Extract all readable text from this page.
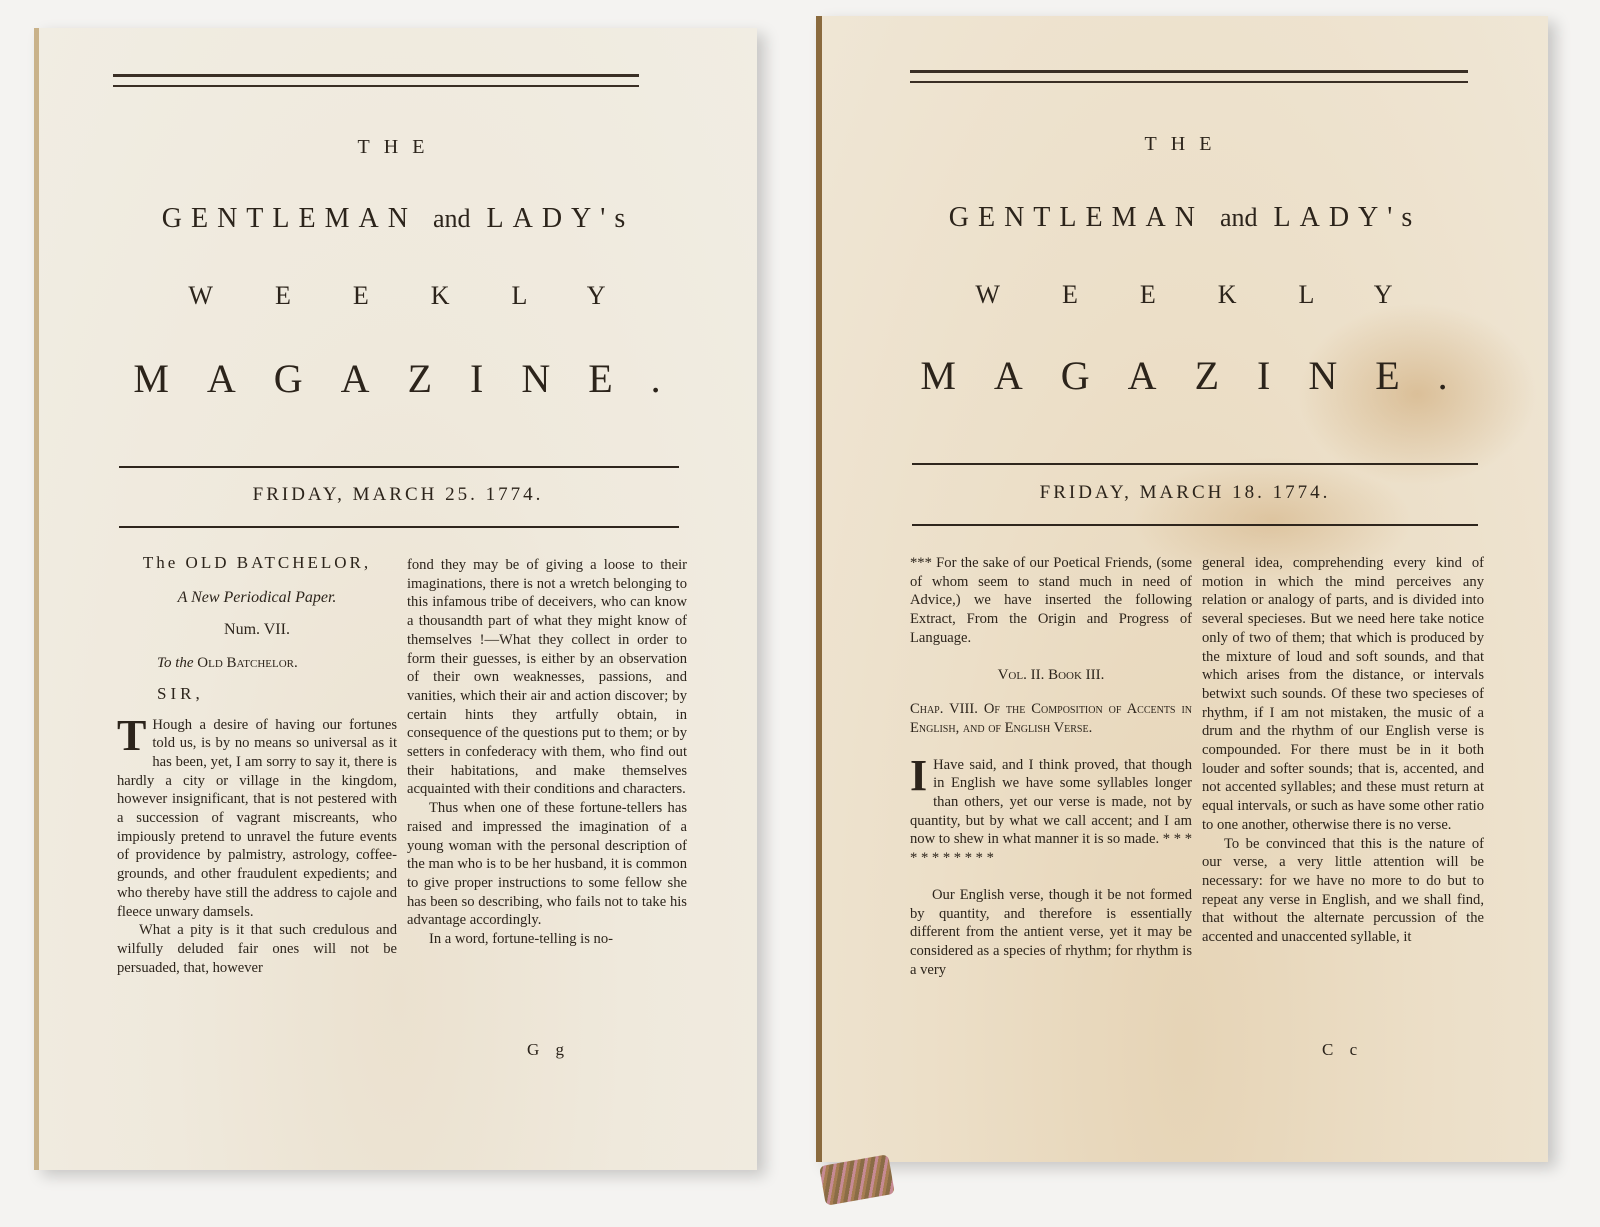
THE
GENTLEMAN and LADY's
WEEKLY
MAGAZINE.
FRIDAY, MARCH 25. 1774.

The OLD BATCHELOR,

A New Periodical Paper.

Num. VII.

To the Old Batchelor.

SIR,

T Hough a desire of having our fortunes told us, is by no means so universal as it has been, yet, I am sorry to say it, there is hardly a city or village in the kingdom, however insignificant, that is not pestered with a succession of vagrant miscreants, who impiously pretend to unravel the future events of providence by palmistry, astrology, coffee-grounds, and other fraudulent expedients; and who thereby have still the address to cajole and fleece unwary damsels.

What a pity is it that such credulous and wilfully deluded fair ones will not be persuaded, that, however

fond they may be of giving a loose to their imaginations, there is not a wretch belonging to this infamous tribe of deceivers, who can know a thousandth part of what they might know of themselves !—What they collect in order to form their guesses, is either by an observation of their own weaknesses, passions, and vanities, which their air and action discover; by certain hints they artfully obtain, in consequence of the questions put to them; or by setters in confederacy with them, who find out their habitations, and make themselves acquainted with their conditions and characters.

Thus when one of these fortune-tellers has raised and impressed the imagination of a young woman with the personal description of the man who is to be her husband, it is common to give proper instructions to some fellow she has been so describing, who fails not to take his advantage accordingly.

In a word, fortune-telling is no-

G g
THE
GENTLEMAN and LADY's
WEEKLY
MAGAZINE.
FRIDAY, MARCH 18. 1774.

*** For the sake of our Poetical Friends, (some of whom seem to stand much in need of Advice,) we have inserted the following Extract, From the Origin and Progress of Language.

Vol. II. Book III.

Chap. VIII. Of the Composition of Accents in English, and of English Verse.

I Have said, and I think proved, that though in English we have some syllables longer than others, yet our verse is made, not by quantity, but by what we call accent; and I am now to shew in what manner it is so made. * * * * * * * * * * *

Our English verse, though it be not formed by quantity, and therefore is essentially different from the antient verse, yet it may be considered as a species of rhythm; for rhythm is a very

general idea, comprehending every kind of motion in which the mind perceives any relation or analogy of parts, and is divided into several specieses. But we need here take notice only of two of them; that which is produced by the mixture of loud and soft sounds, and that which arises from the distance, or intervals betwixt such sounds. Of these two specieses of rhythm, if I am not mistaken, the music of a drum and the rhythm of our English verse is compounded. For there must be in it both louder and softer sounds; that is, accented, and not accented syllables; and these must return at equal intervals, or such as have some other ratio to one another, otherwise there is no verse.

To be convinced that this is the nature of our verse, a very little attention will be necessary: for we have no more to do but to repeat any verse in English, and we shall find, that without the alternate percussion of the accented and unaccented syllable, it

C c
